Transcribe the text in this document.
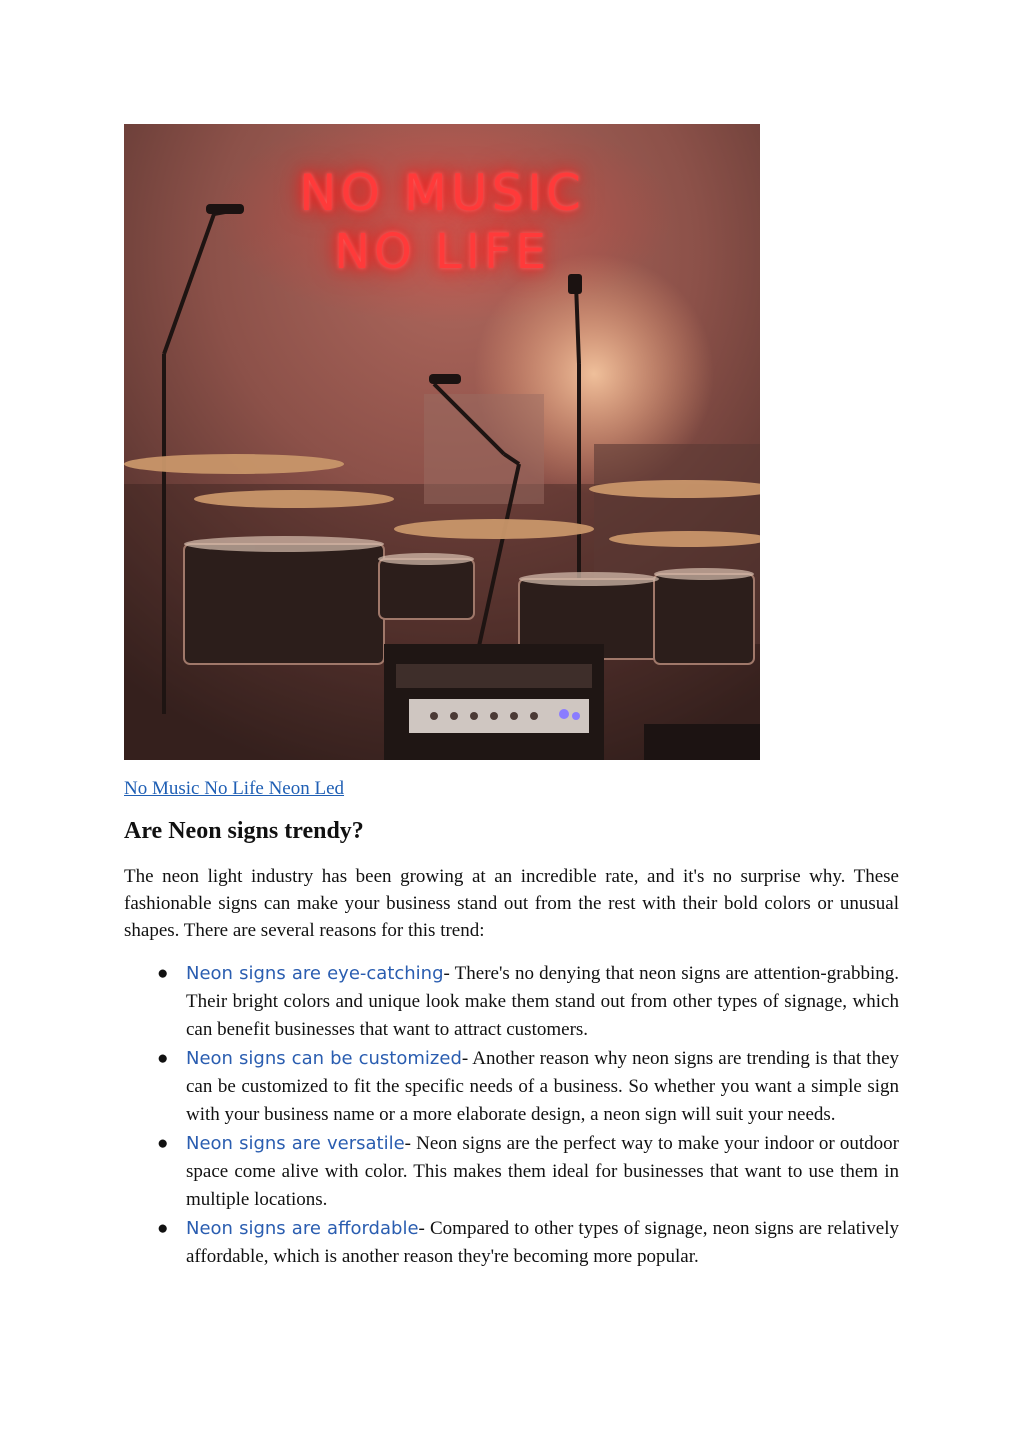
NO MUSIC
NO LIFE
No Music No Life Neon Led
Are Neon signs trendy?

The neon light industry has been growing at an incredible rate, and it's no surprise why. These fashionable signs can make your business stand out from the rest with their bold colors or unusual shapes. There are several reasons for this trend:

● Neon signs are eye-catching- There's no denying that neon signs are attention-grabbing. Their bright colors and unique look make them stand out from other types of signage, which can benefit businesses that want to attract customers.
● Neon signs can be customized- Another reason why neon signs are trending is that they can be customized to fit the specific needs of a business. So whether you want a simple sign with your business name or a more elaborate design, a neon sign will suit your needs.
● Neon signs are versatile- Neon signs are the perfect way to make your indoor or outdoor space come alive with color. This makes them ideal for businesses that want to use them in multiple locations.
● Neon signs are affordable- Compared to other types of signage, neon signs are relatively affordable, which is another reason they're becoming more popular.
